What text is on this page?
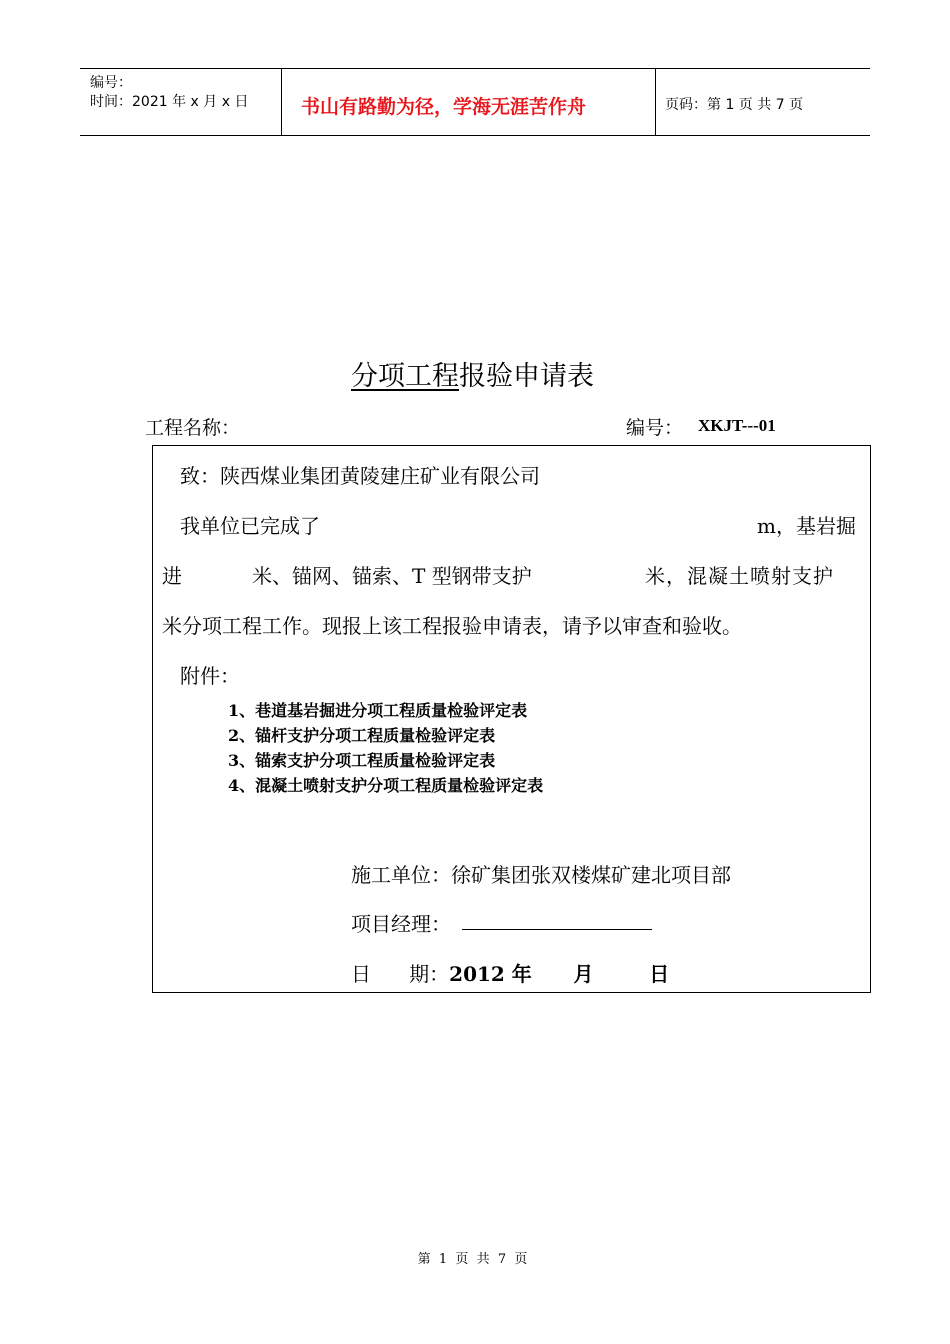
编号：
时间：2021 年 x 月 x 日	书山有路勤为径，学海无涯苦作舟	页码：第 1 页 共 7 页
分项工程报验申请表
工程名称：	编号： XKJT---01
致：陕西煤业集团黄陵建庄矿业有限公司
我单位已完成了	m，基岩掘
进	米、锚网、锚索、T 型钢带支护	米，混凝土喷射支护
米分项工程工作。现报上该工程报验申请表，请予以审查和验收。
附件：
1、巷道基岩掘进分项工程质量检验评定表
2、锚杆支护分项工程质量检验评定表
3、锚索支护分项工程质量检验评定表
4、混凝土喷射支护分项工程质量检验评定表
施工单位：徐矿集团张双楼煤矿建北项目部
项目经理：
日      期：2012 年      月        日
第  1  页  共  7  页
